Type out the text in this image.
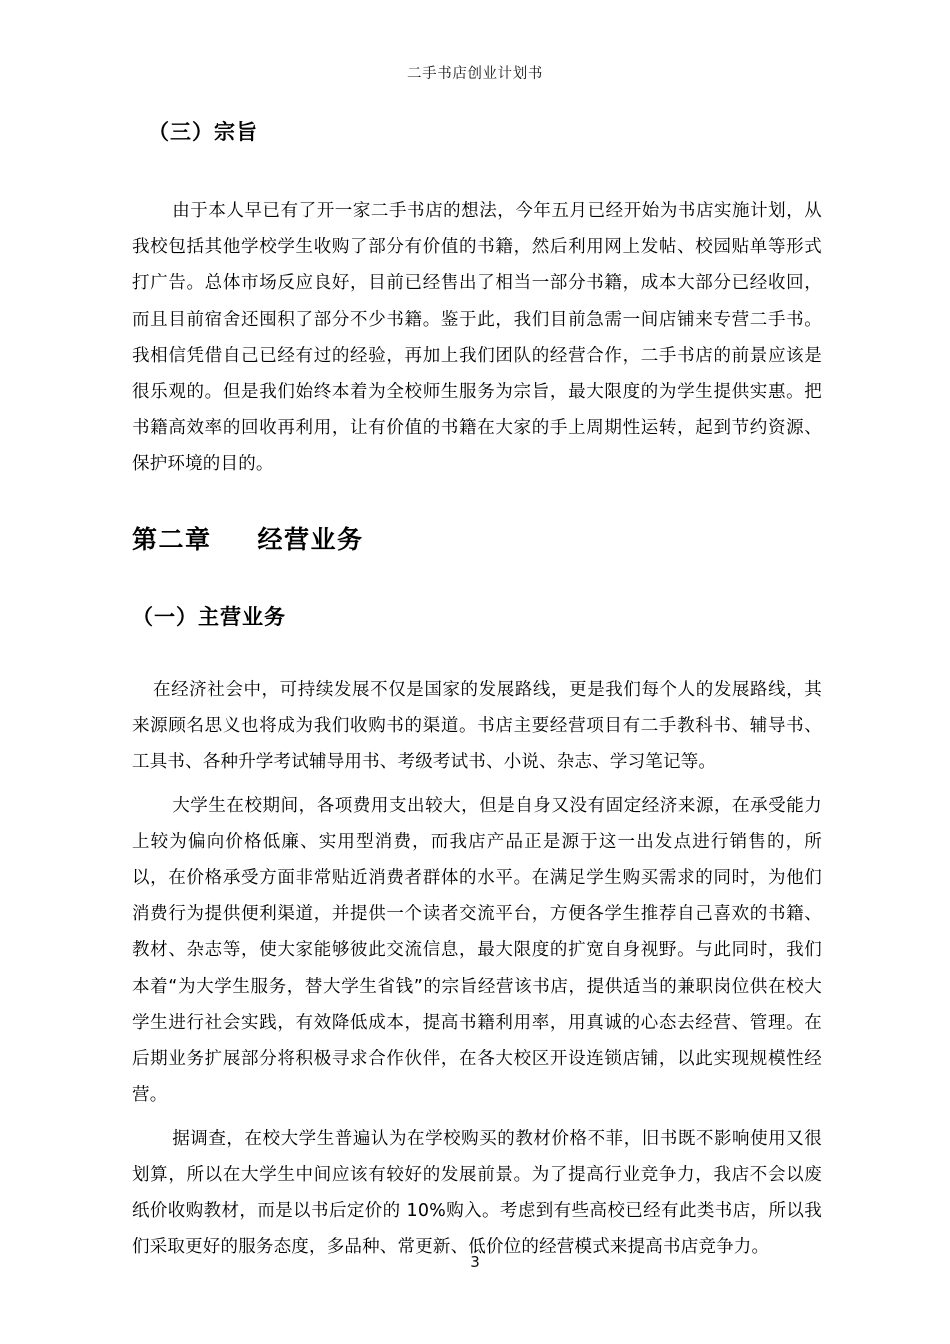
二手书店创业计划书
（三）宗旨

由于本人早已有了开一家二手书店的想法，今年五月已经开始为书店实施计划，从我校包括其他学校学生收购了部分有价值的书籍，然后利用网上发帖、校园贴单等形式打广告。总体市场反应良好，目前已经售出了相当一部分书籍，成本大部分已经收回，而且目前宿舍还囤积了部分不少书籍。鉴于此，我们目前急需一间店铺来专营二手书。我相信凭借自己已经有过的经验，再加上我们团队的经营合作，二手书店的前景应该是很乐观的。但是我们始终本着为全校师生服务为宗旨，最大限度的为学生提供实惠。把书籍高效率的回收再利用，让有价值的书籍在大家的手上周期性运转，起到节约资源、保护环境的目的。

第二章 经营业务
（一）主营业务

在经济社会中，可持续发展不仅是国家的发展路线，更是我们每个人的发展路线，其来源顾名思义也将成为我们收购书的渠道。书店主要经营项目有二手教科书、辅导书、工具书、各种升学考试辅导用书、考级考试书、小说、杂志、学习笔记等。

大学生在校期间，各项费用支出较大，但是自身又没有固定经济来源，在承受能力上较为偏向价格低廉、实用型消费，而我店产品正是源于这一出发点进行销售的，所以，在价格承受方面非常贴近消费者群体的水平。在满足学生购买需求的同时，为他们消费行为提供便利渠道，并提供一个读者交流平台，方便各学生推荐自己喜欢的书籍、教材、杂志等，使大家能够彼此交流信息，最大限度的扩宽自身视野。与此同时，我们本着“为大学生服务，替大学生省钱”的宗旨经营该书店，提供适当的兼职岗位供在校大学生进行社会实践，有效降低成本，提高书籍利用率，用真诚的心态去经营、管理。在后期业务扩展部分将积极寻求合作伙伴，在各大校区开设连锁店铺，以此实现规模性经营。

据调查，在校大学生普遍认为在学校购买的教材价格不菲，旧书既不影响使用又很划算，所以在大学生中间应该有较好的发展前景。为了提高行业竞争力，我店不会以废纸价收购教材，而是以书后定价的 10%购入。考虑到有些高校已经有此类书店，所以我们采取更好的服务态度，多品种、常更新、低价位的经营模式来提高书店竞争力。

3
